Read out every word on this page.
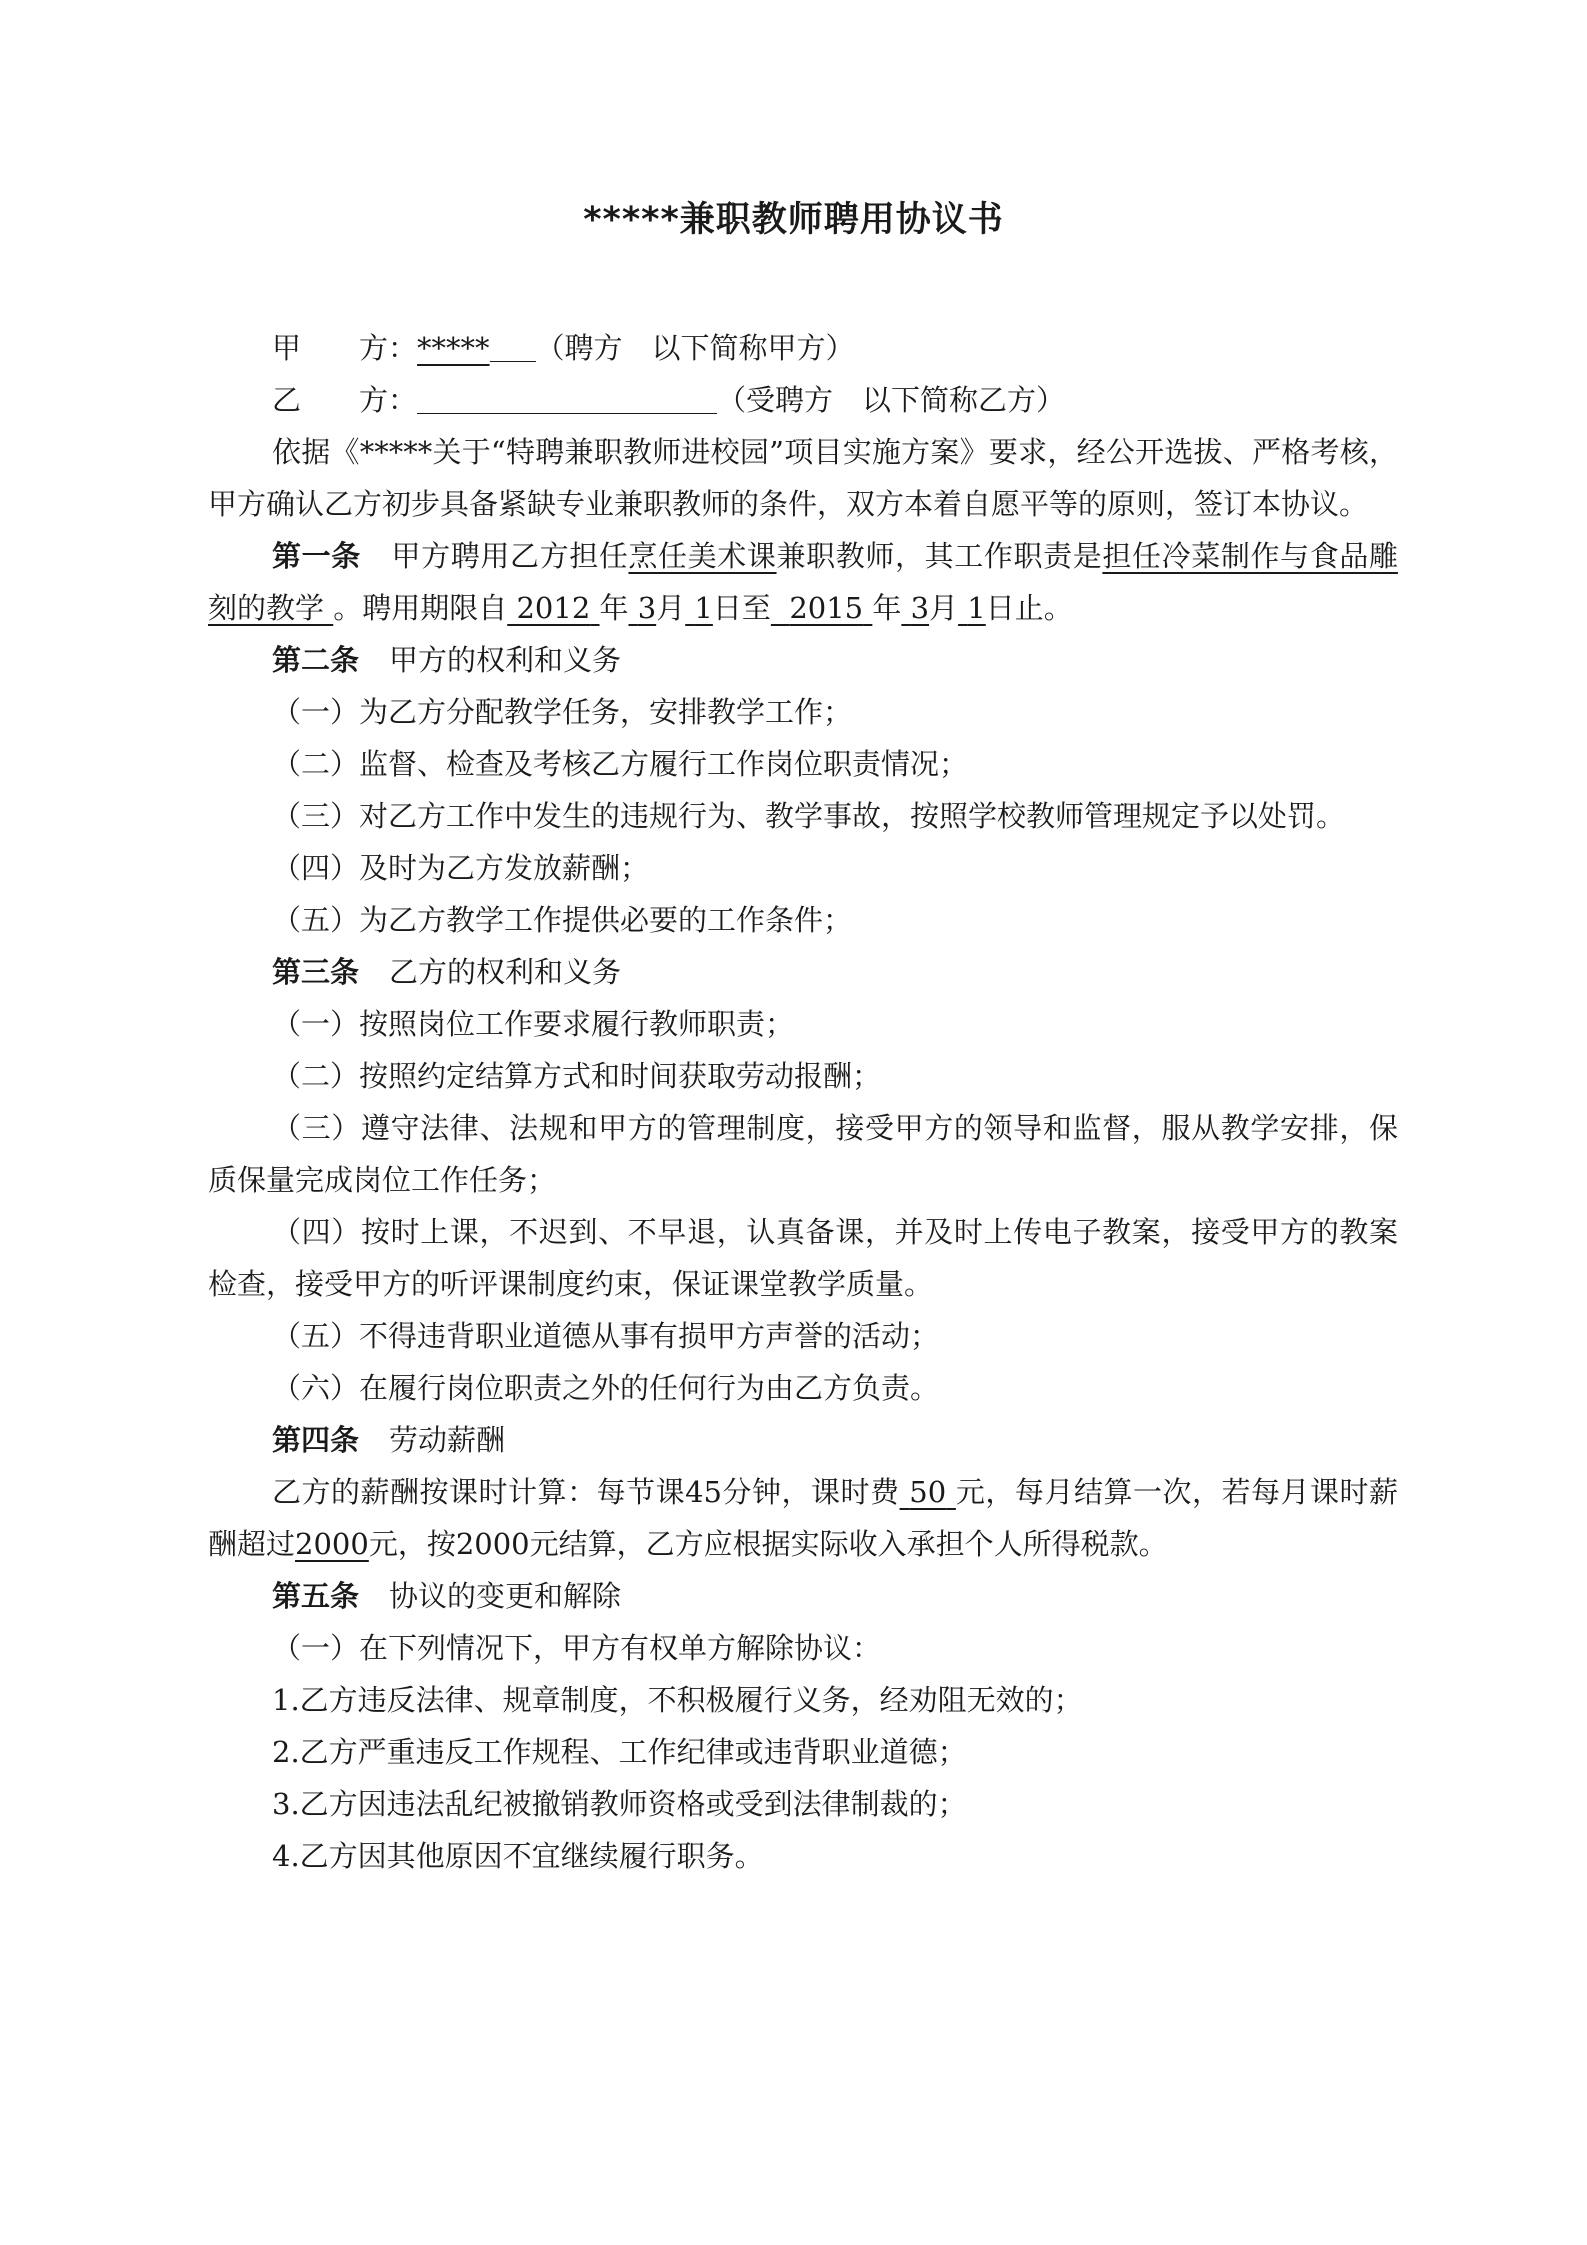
*****兼职教师聘用协议书

甲 方：***** （聘方　以下简称甲方）

乙 方：	（受聘方　以下简称乙方）

依据《*****关于“特聘兼职教师进校园”项目实施方案》要求，经公开选拔、严格考核，甲方确认乙方初步具备紧缺专业兼职教师的条件，双方本着自愿平等的原则，签订本协议。

第一条 甲方聘用乙方担任烹任美术课兼职教师，其工作职责是担任冷菜制作与食品雕刻的教学 。聘用期限自 2012 年 3月 1日至 2015 年 3月 1日止。

第二条 甲方的权利和义务

（一）为乙方分配教学任务，安排教学工作；

（二）监督、检查及考核乙方履行工作岗位职责情况；

（三）对乙方工作中发生的违规行为、教学事故，按照学校教师管理规定予以处罚。

（四）及时为乙方发放薪酬；

（五）为乙方教学工作提供必要的工作条件；

第三条 乙方的权利和义务

（一）按照岗位工作要求履行教师职责；

（二）按照约定结算方式和时间获取劳动报酬；

（三）遵守法律、法规和甲方的管理制度，接受甲方的领导和监督，服从教学安排，保质保量完成岗位工作任务；

（四）按时上课，不迟到、不早退，认真备课，并及时上传电子教案，接受甲方的教案检查，接受甲方的听评课制度约束，保证课堂教学质量。

（五）不得违背职业道德从事有损甲方声誉的活动；

（六）在履行岗位职责之外的任何行为由乙方负责。

第四条 劳动薪酬

乙方的薪酬按课时计算：每节课45分钟，课时费 50 元，每月结算一次，若每月课时薪酬超过2000元，按2000元结算，乙方应根据实际收入承担个人所得税款。

第五条 协议的变更和解除

（一）在下列情况下，甲方有权单方解除协议：

1.乙方违反法律、规章制度，不积极履行义务，经劝阻无效的；

2.乙方严重违反工作规程、工作纪律或违背职业道德；

3.乙方因违法乱纪被撤销教师资格或受到法律制裁的；

4.乙方因其他原因不宜继续履行职务。
